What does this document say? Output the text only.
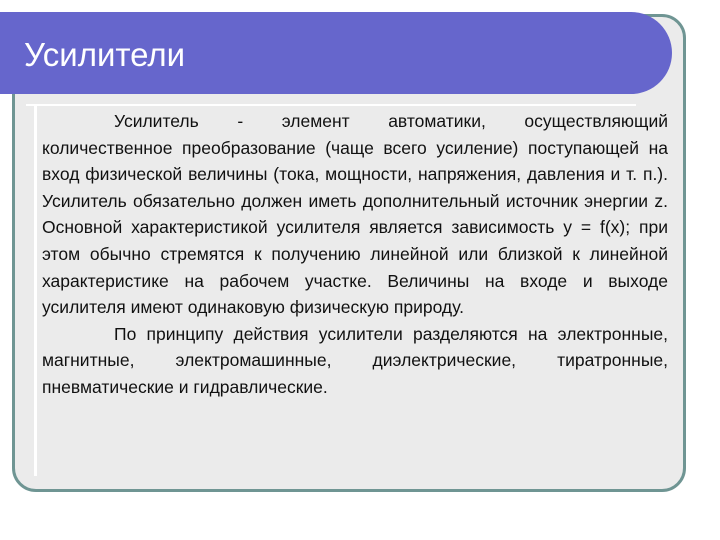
Усилители

Усилитель - элемент автоматики, осуществляющий количественное преобразование (чаще всего усиление) поступающей на вход физической величины (тока, мощности, напряжения, давления и т. п.). Усилитель обязательно должен иметь дополнительный источник энергии z. Основной характеристикой усилителя является зависимость y = f(x); при этом обычно стремятся к получению линейной или близкой к линейной характеристике на рабочем участке. Величины на входе и выходе усилителя имеют одинаковую физическую природу.

По принципу действия усилители разделяются на электронные, магнитные, электромашинные, диэлектрические, тиратронные, пневматические и гидравлические.
